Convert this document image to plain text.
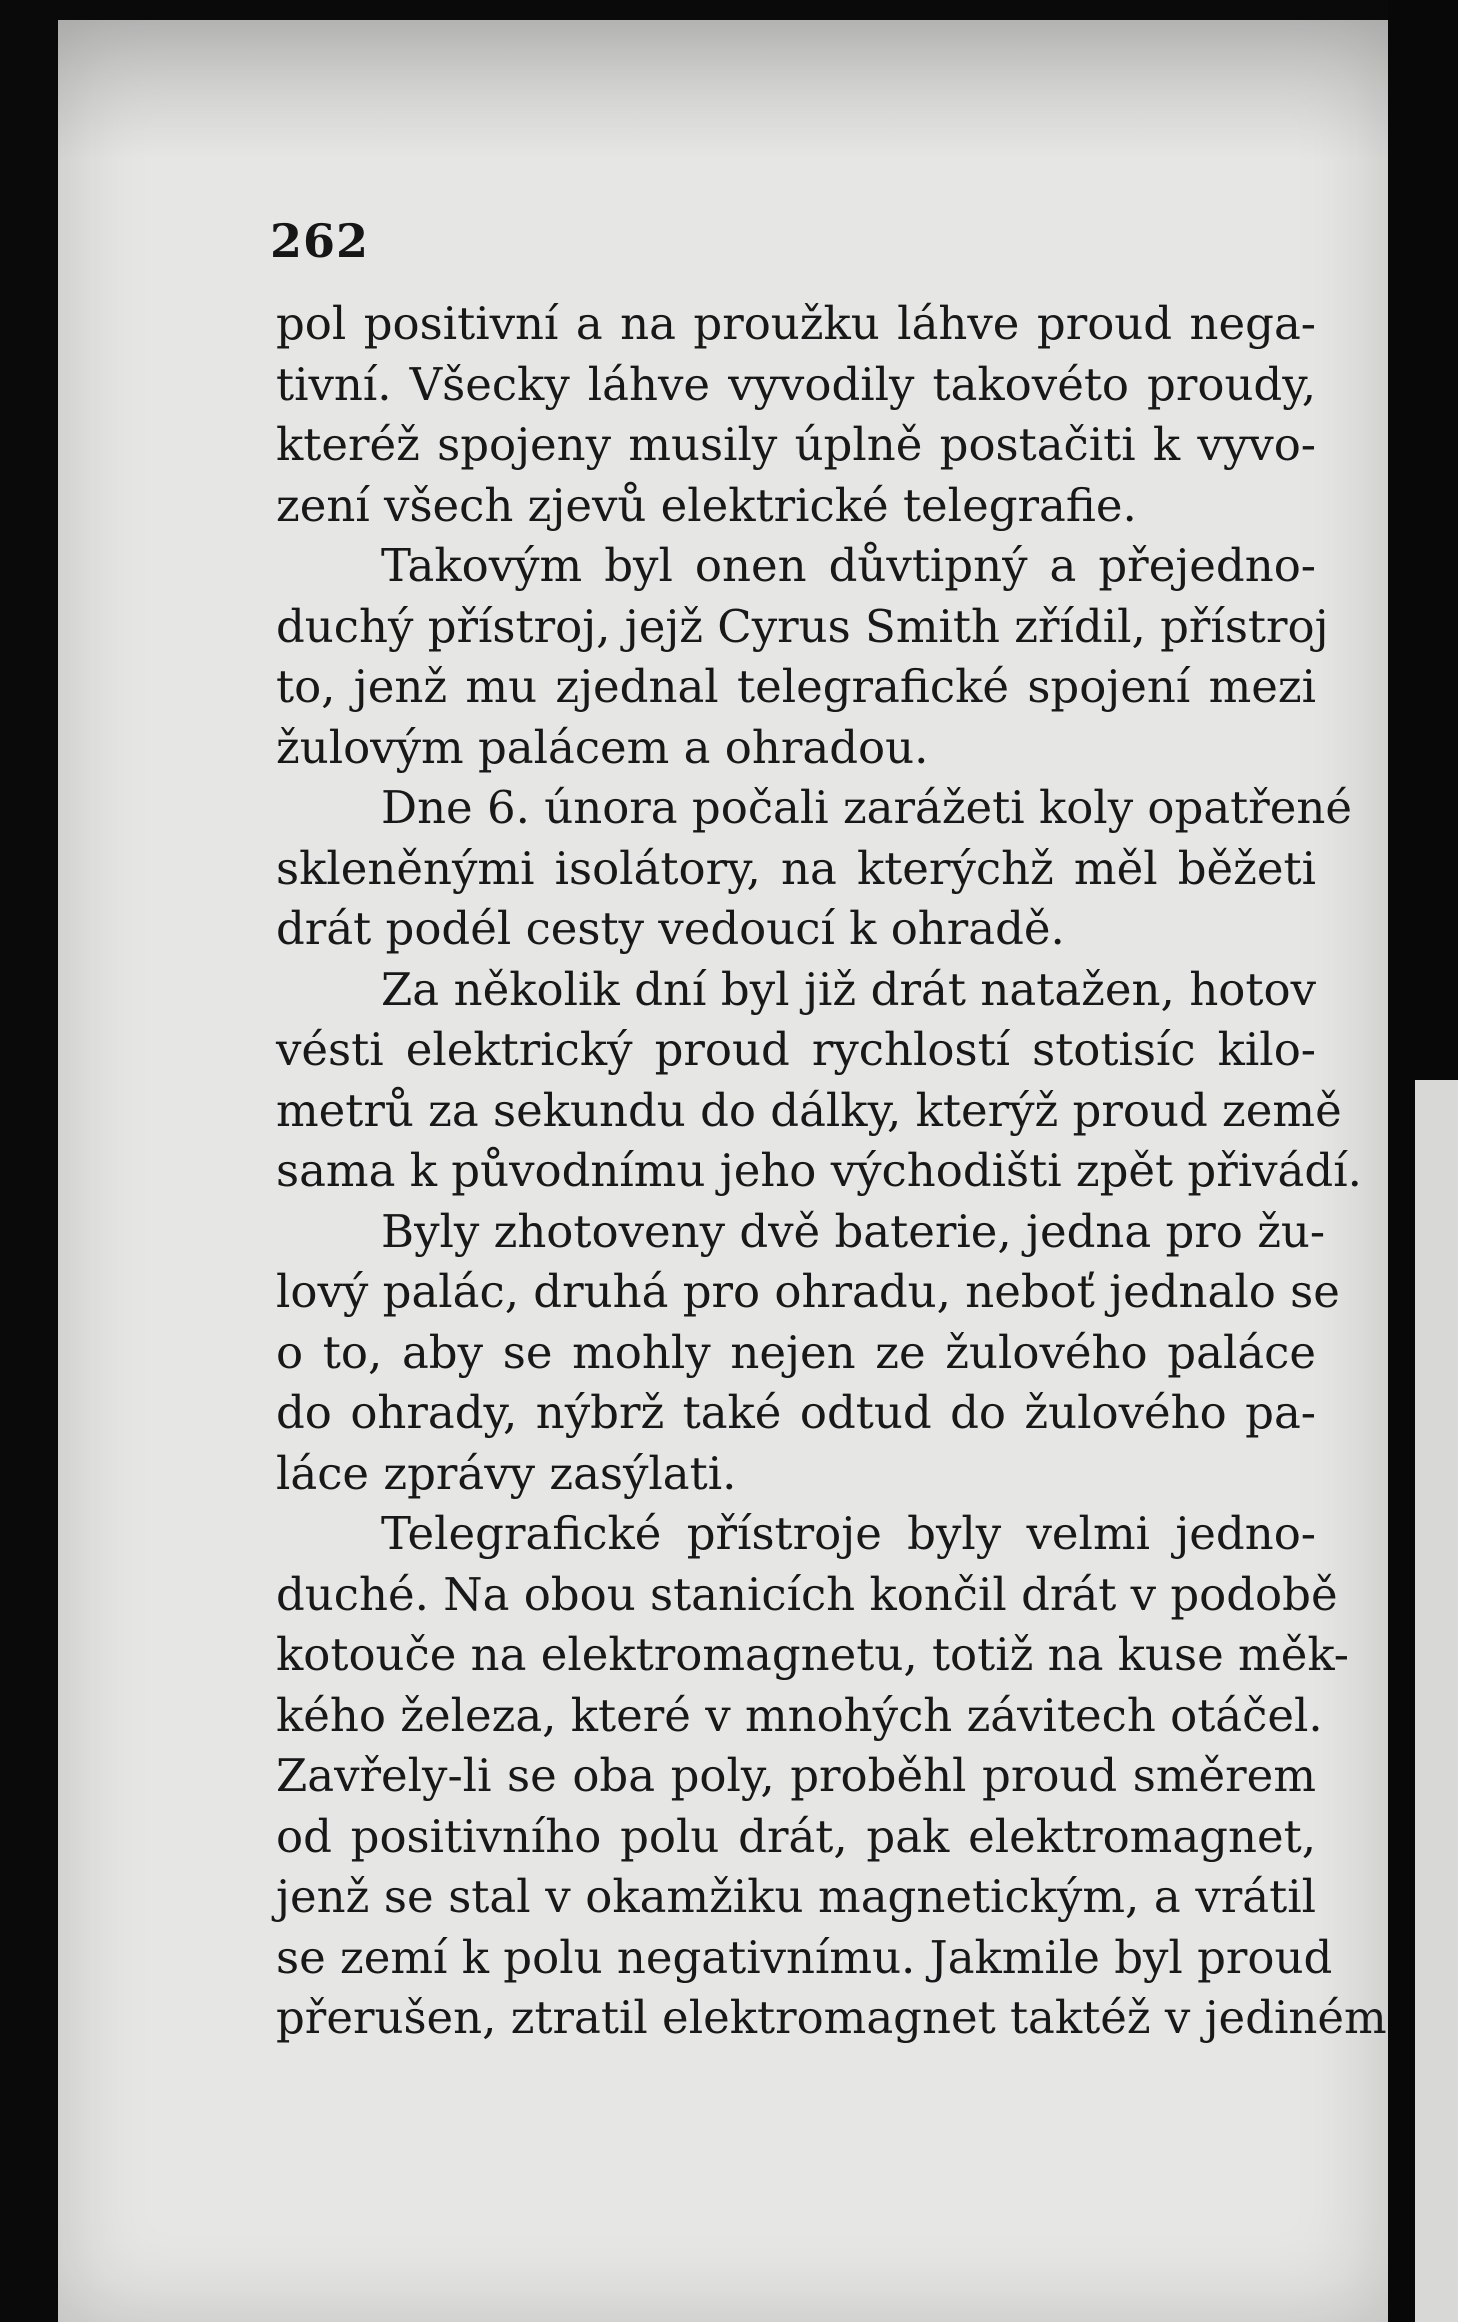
262
pol positivní a na proužku láhve proud nega-
tivní. Všecky láhve vyvodily takovéto proudy,
kteréž spojeny musily úplně postačiti k vyvo-
zení všech zjevů elektrické telegrafie.
Takovým byl onen důvtipný a přejedno-
duchý přístroj, jejž Cyrus Smith zřídil, přístroj
to, jenž mu zjednal telegrafické spojení mezi
žulovým palácem a ohradou.
Dne 6. února počali zarážeti koly opatřené
skleněnými isolátory, na kterýchž měl běžeti
drát podél cesty vedoucí k ohradě.
Za několik dní byl již drát natažen, hotov
vésti elektrický proud rychlostí stotisíc kilo-
metrů za sekundu do dálky, kterýž proud země
sama k původnímu jeho východišti zpět přivádí.
Byly zhotoveny dvě baterie, jedna pro žu-
lový palác, druhá pro ohradu, neboť jednalo se
o to, aby se mohly nejen ze žulového paláce
do ohrady, nýbrž také odtud do žulového pa-
láce zprávy zasýlati.
Telegrafické přístroje byly velmi jedno-
duché. Na obou stanicích končil drát v podobě
kotouče na elektromagnetu, totiž na kuse měk-
kého železa, které v mnohých závitech otáčel.
Zavřely-li se oba poly, proběhl proud směrem
od positivního polu drát, pak elektromagnet,
jenž se stal v okamžiku magnetickým, a vrátil
se zemí k polu negativnímu. Jakmile byl proud
přerušen, ztratil elektromagnet taktéž v jediném
